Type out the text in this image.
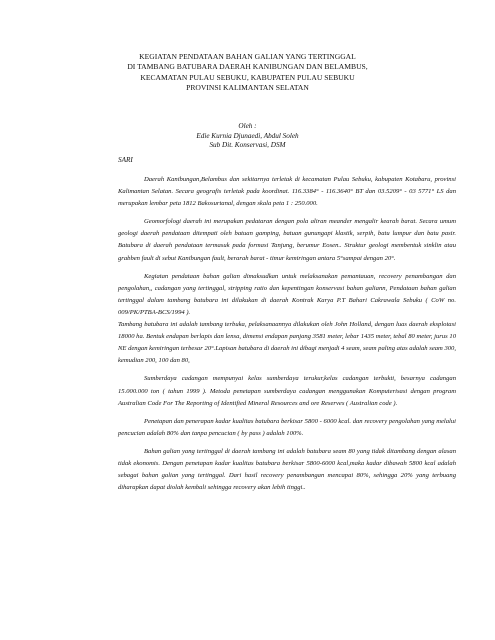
KEGIATAN PENDATAAN BAHAN GALIAN YANG TERTINGGAL
DI TAMBANG BATUBARA DAERAH KANIBUNGAN DAN BELAMBUS,
KECAMATAN PULAU SEBUKU, KABUPATEN PULAU SEBUKU
PROVINSI KALIMANTAN SELATAN
Oleh :
Edie Kurnia Djunaedi, Abdul Soleh
Sub Dit. Konservasi, DSM
SARI

Daerah Kanibungan,Belambus dan sekitarnya terletak di kecamatan Pulau Sebuku, kabupaten Kotabaru, provinsi Kalimantan Selatan. Secara geografis terletak pada koordinat. 116.3384° - 116.3640° BT dan 03.5209° - 03 5771° LS dan merupakan lembar peta 1812 Bakosurtanal, dengan skala peta 1 : 250.000.

Geomorfologi daerah ini merupakan pedataran dengan pola aliran meander mengalir kearah barat. Secara umum geologi daerah pendataan ditempati oleh batuan gamping, batuan gunungapi klastik, serpih, batu lumpur dan batu pasir. Batubara di daerah pendataan termasuk pada formasi Tanjung, berumur Eosen.. Struktur geologi membentuk sinklin atau grabben fault di sebut Kanibungan fault, berarah barat - timur kemiringan antara 5°sampai dengan 20°.

Kegiatan pendataan bahan galian dimaksudkan untuk melaksanakan pemantauan, recovery penambangan dan pengolahan,, cadangan yang tertinggal, stripping ratio dan kepentingan konservasi bahan galiann, Pendataan bahan galian tertinggal dalam tambang batubara ini dilakukan di daerah Kontrak Karya P.T Bahari Cakrawala Sebuku ( CoW no. 009/PK/PTBA-BCS/1994 ).

Tambang batubara ini adalah tambang terbuka, pelaksanaannya dilakukan oleh John Holland, dengan luas daerah eksplotasi 18000 ha. Bentuk endapan berlapis dan lensa, dimensi endapan panjang 3581 meter, lebar 1435 meter, tebal 80 meter, jurus 10 NE dengan kemiringan terbesar 20°.Lapisan batubara di daerah ini dibagi menjadi 4 seam, seam paling atas adalah seam 300, kemudian 200, 100 dan 80,

Sumberdaya cadangan mempunyai kelas sumberdaya terukur,kelas cadangan terbukti, besarnya cadangan 15.000.000 ton ( tahun 1999 ). Metoda penetapan sumberdaya cadangan menggunakan Komputerisasi dengan program Australian Code For The Reporting of Identified Mineral Resources and ore Reserves ( Australian code ).

Penetapan dan penerapan kadar kualitas batubara berkisar 5800 - 6000 kcal. dan recovery pengolahan yang melalui pencucian adalah 80% dan tanpa pencucian ( by pass ) adalah 100%.

Bahan galian yang tertinggal di daerah tambang ini adalah batubara seam 80 yang tidak ditambang dengan alasan tidak ekonomis. Dengan penetapan kadar kualitas batubara berkisar 5800-6000 kcal,maka kadar dibawah 5800 kcal adalah sebagai bahan galian yang tertinggal. Dari hasil recovery penambangan mencapai 80%, sehingga 20% yang terbuang diharapkan dapat diolah kembali sehingga recovery akan lebih tinggi..
